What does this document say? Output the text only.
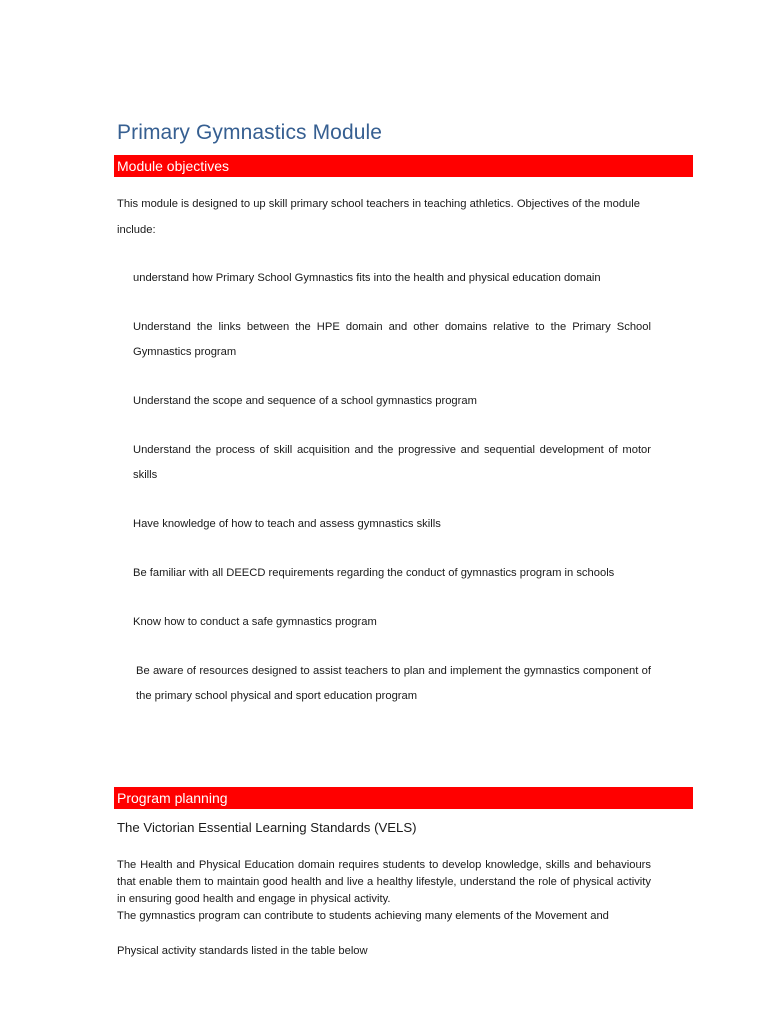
Primary Gymnastics Module
Module objectives
This module is designed to up skill primary school teachers in teaching athletics. Objectives of the module include:
understand how Primary School Gymnastics fits into the health and physical education domain
Understand the links between the HPE domain and other domains relative to the Primary School Gymnastics program
Understand the scope and sequence of a school gymnastics program
Understand the process of skill acquisition and the progressive and sequential development of motor skills
Have knowledge of how to teach and assess gymnastics skills
Be familiar with all DEECD requirements regarding the conduct of gymnastics program in schools
Know how to conduct a safe gymnastics program
Be aware of resources designed to assist teachers to plan and implement the gymnastics component of the primary school physical and sport education program
Program planning
The Victorian Essential Learning Standards (VELS)
The Health and Physical Education domain requires students to develop knowledge, skills and behaviours that enable them to maintain good health and live a healthy lifestyle, understand the role of physical activity in ensuring good health and engage in physical activity.
The gymnastics program can contribute to students achieving many elements of the Movement and
Physical activity standards listed in the table below
